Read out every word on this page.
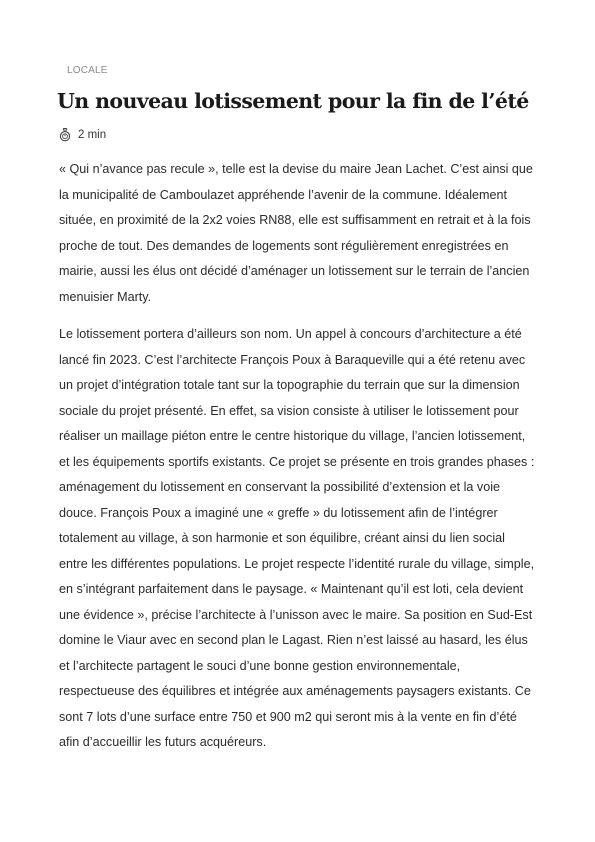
LOCALE
Un nouveau lotissement pour la fin de l’été
2 min

« Qui n’avance pas recule », telle est la devise du maire Jean Lachet. C’est ainsi que la municipalité de Camboulazet appréhende l’avenir de la commune. Idéalement située, en proximité de la 2x2 voies RN88, elle est suffisamment en retrait et à la fois proche de tout. Des demandes de logements sont régulièrement enregistrées en mairie, aussi les élus ont décidé d’aménager un lotissement sur le terrain de l’ancien menuisier Marty.

Le lotissement portera d’ailleurs son nom. Un appel à concours d’architecture a été lancé fin 2023. C’est l’architecte François Poux à Baraqueville qui a été retenu avec un projet d’intégration totale tant sur la topographie du terrain que sur la dimension sociale du projet présenté. En effet, sa vision consiste à utiliser le lotissement pour réaliser un maillage piéton entre le centre historique du village, l’ancien lotissement, et les équipements sportifs existants. Ce projet se présente en trois grandes phases : aménagement du lotissement en conservant la possibilité d’extension et la voie douce. François Poux a imaginé une « greffe » du lotissement afin de l’intégrer totalement au village, à son harmonie et son équilibre, créant ainsi du lien social entre les différentes populations. Le projet respecte l’identité rurale du village, simple, en s’intégrant parfaitement dans le paysage. « Maintenant qu’il est loti, cela devient une évidence », précise l’architecte à l’unisson avec le maire. Sa position en Sud-Est domine le Viaur avec en second plan le Lagast. Rien n’est laissé au hasard, les élus et l’architecte partagent le souci d’une bonne gestion environnementale, respectueuse des équilibres et intégrée aux aménagements paysagers existants. Ce sont 7 lots d’une surface entre 750 et 900 m2 qui seront mis à la vente en fin d’été afin d’accueillir les futurs acquéreurs.
